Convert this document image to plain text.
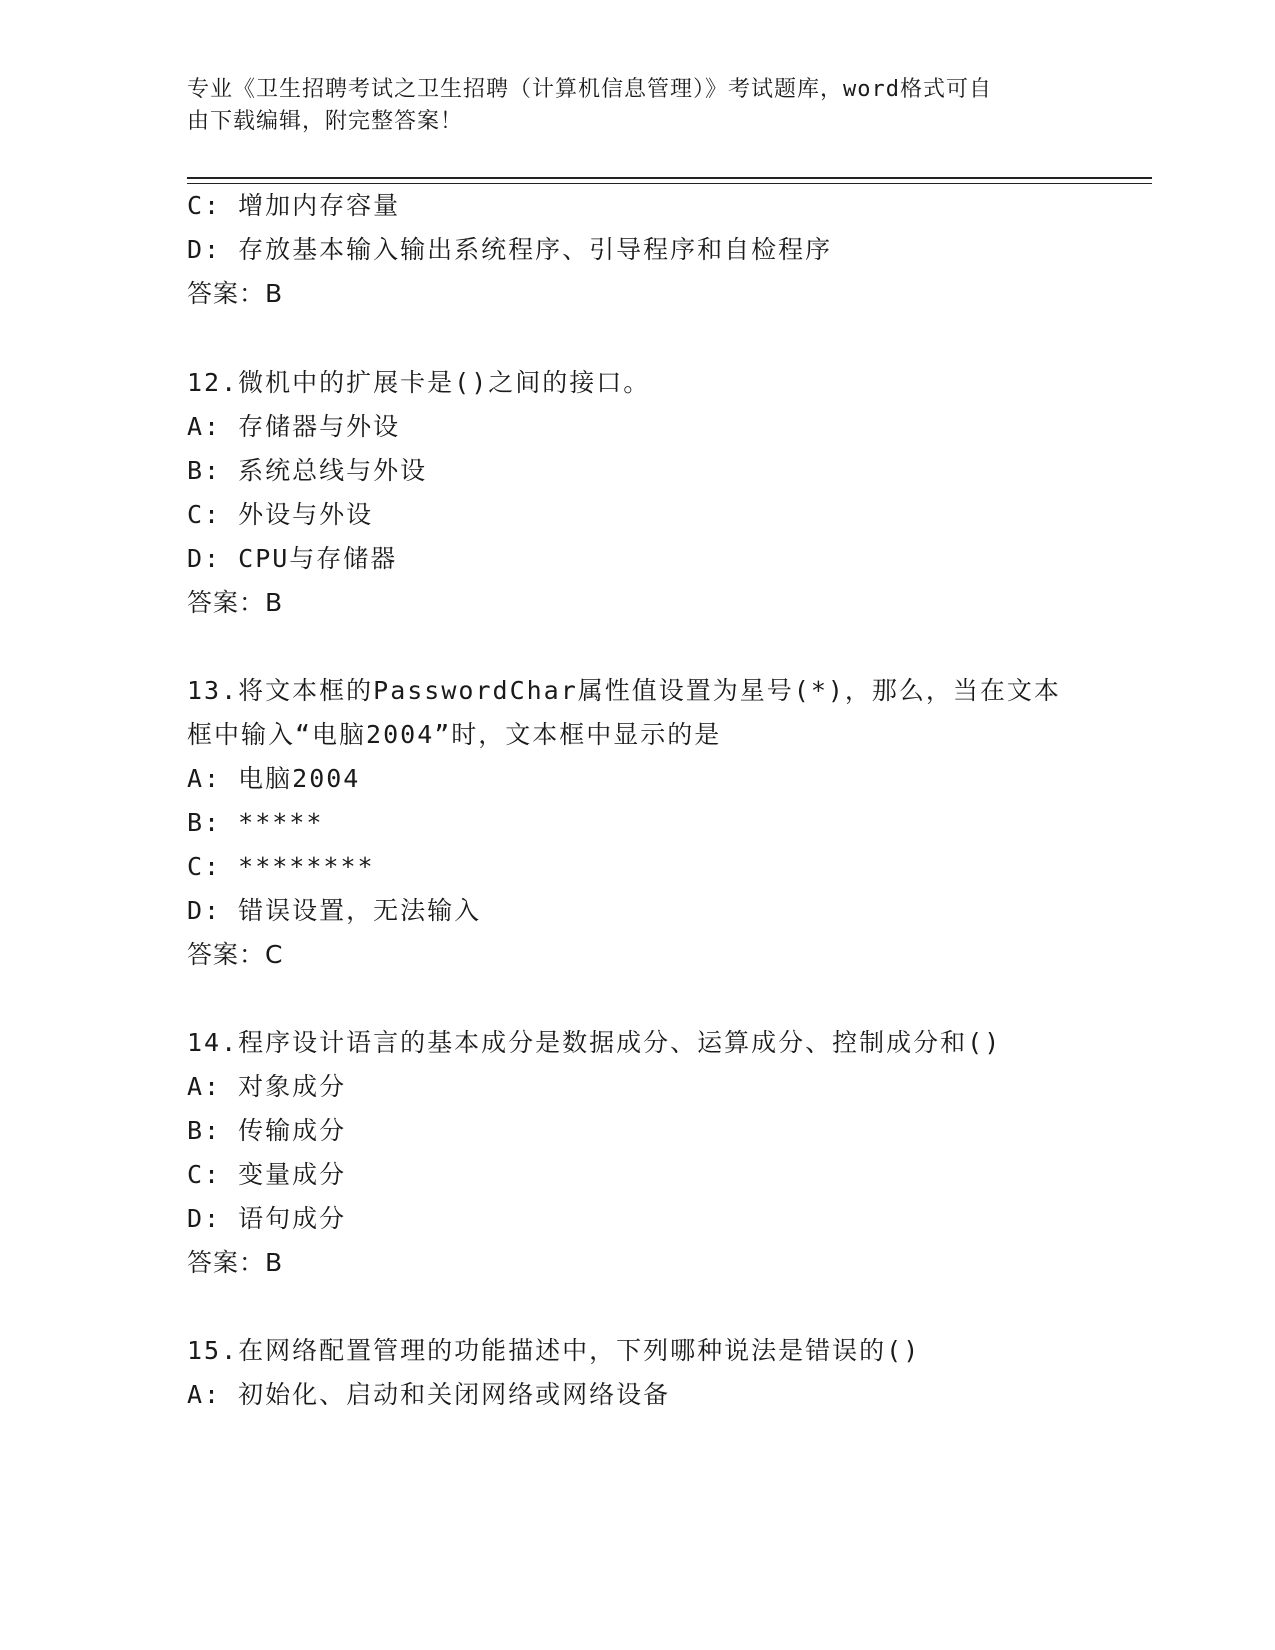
专业《卫生招聘考试之卫生招聘（计算机信息管理）》考试题库，word格式可自
由下载编辑，附完整答案！
C: 增加内存容量
D: 存放基本输入输出系统程序、引导程序和自检程序
答案：B
12.微机中的扩展卡是()之间的接口。
A: 存储器与外设
B: 系统总线与外设
C: 外设与外设
D: CPU与存储器
答案：B
13.将文本框的PasswordChar属性值设置为星号(*)，那么，当在文本
框中输入“电脑2004”时，文本框中显示的是
A: 电脑2004
B: *****
C: ********
D: 错误设置，无法输入
答案：C
14.程序设计语言的基本成分是数据成分、运算成分、控制成分和()
A: 对象成分
B: 传输成分
C: 变量成分
D: 语句成分
答案：B
15.在网络配置管理的功能描述中，下列哪种说法是错误的()
A: 初始化、启动和关闭网络或网络设备
